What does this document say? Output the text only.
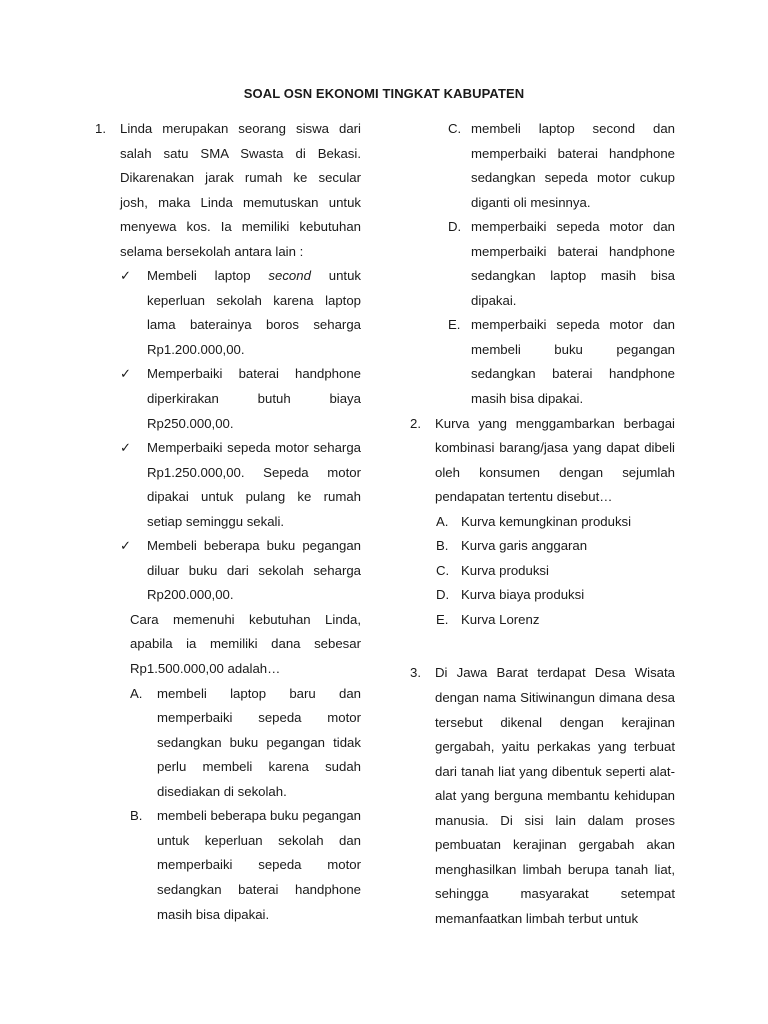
SOAL OSN EKONOMI TINGKAT KABUPATEN
1.	Linda merupakan seorang siswa dari salah satu SMA Swasta di Bekasi. Dikarenakan jarak rumah ke secular josh, maka Linda memutuskan untuk menyewa kos. Ia memiliki kebutuhan selama bersekolah antara lain :
✓	Membeli laptop second untuk keperluan sekolah karena laptop lama baterainya boros seharga Rp1.200.000,00.
✓	Memperbaiki baterai handphone diperkirakan butuh biaya Rp250.000,00.
✓	Memperbaiki sepeda motor seharga Rp1.250.000,00. Sepeda motor dipakai untuk pulang ke rumah setiap seminggu sekali.
✓	Membeli beberapa buku pegangan diluar buku dari sekolah seharga Rp200.000,00.
Cara memenuhi kebutuhan Linda, apabila ia memiliki dana sebesar Rp1.500.000,00 adalah…
A.	membeli laptop baru dan memperbaiki sepeda motor sedangkan buku pegangan tidak perlu membeli karena sudah disediakan di sekolah.
B.	membeli beberapa buku pegangan untuk keperluan sekolah dan memperbaiki sepeda motor sedangkan baterai handphone masih bisa dipakai.
C. membeli laptop second dan memperbaiki baterai handphone sedangkan sepeda motor cukup diganti oli mesinnya.
D. memperbaiki sepeda motor dan memperbaiki baterai handphone sedangkan laptop masih bisa dipakai.
E. memperbaiki sepeda motor dan membeli buku pegangan sedangkan baterai handphone masih bisa dipakai.
2.	Kurva yang menggambarkan berbagai kombinasi barang/jasa yang dapat dibeli oleh konsumen dengan sejumlah pendapatan tertentu disebut…
A. Kurva kemungkinan produksi
B. Kurva garis anggaran
C. Kurva produksi
D. Kurva biaya produksi
E. Kurva Lorenz
3.	Di Jawa Barat terdapat Desa Wisata dengan nama Sitiwinangun dimana desa tersebut dikenal dengan kerajinan gergabah, yaitu perkakas yang terbuat dari tanah liat yang dibentuk seperti alat-alat yang berguna membantu kehidupan manusia. Di sisi lain dalam proses pembuatan kerajinan gergabah akan menghasilkan limbah berupa tanah liat, sehingga masyarakat setempat memanfaatkan limbah terbut untuk
